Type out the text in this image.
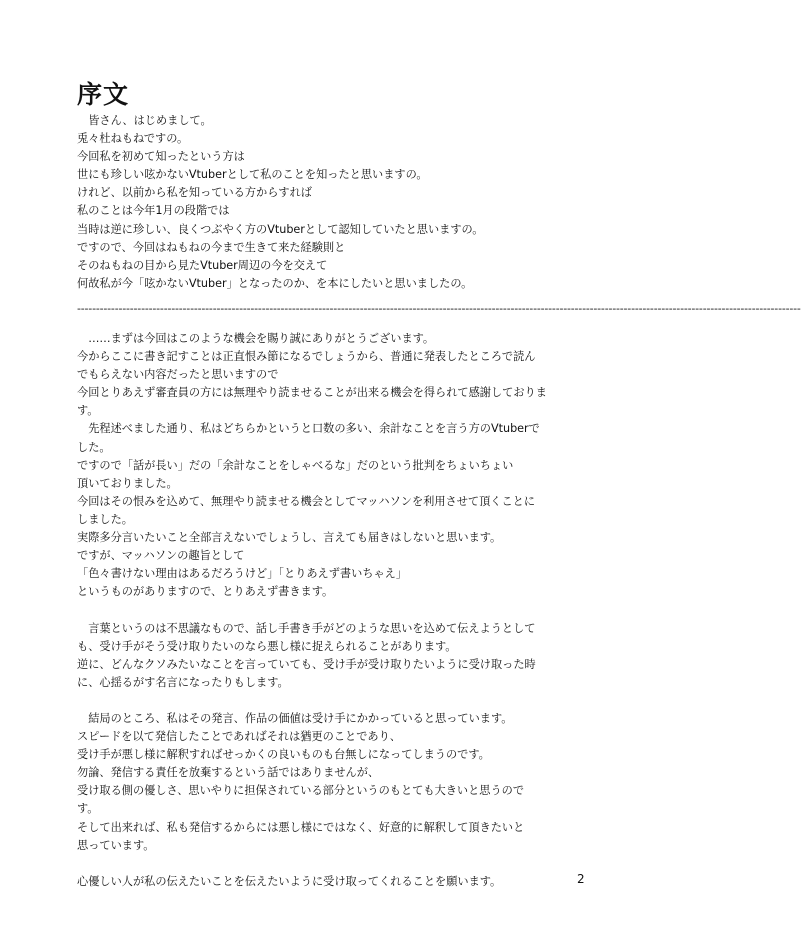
序文
　皆さん、はじめまして。
兎々杜ねもねですの。
今回私を初めて知ったという方は
世にも珍しい呟かないVtuberとして私のことを知ったと思いますの。
けれど、以前から私を知っている方からすれば
私のことは今年1月の段階では
当時は逆に珍しい、良くつぶやく方のVtuberとして認知していたと思いますの。
ですので、今回はねもねの今まで生きて来た経験則と
そのねもねの目から見たVtuber周辺の今を交えて
何故私が今「呟かないVtuber」となったのか、を本にしたいと思いましたの。
------------------------------------------------------------------------------------------------------------------------------------------------------------------------------------------------
　……まずは今回はこのような機会を賜り誠にありがとうございます。
今からここに書き記すことは正直恨み節になるでしょうから、普通に発表したところで読ん
でもらえない内容だったと思いますので
今回とりあえず審査員の方には無理やり読ませることが出来る機会を得られて感謝しておりま
す。
　先程述べました通り、私はどちらかというと口数の多い、余計なことを言う方のVtuberで
した。
ですので「話が長い」だの「余計なことをしゃべるな」だのという批判をちょいちょい
頂いておりました。
今回はその恨みを込めて、無理やり読ませる機会としてマッハソンを利用させて頂くことに
しました。
実際多分言いたいこと全部言えないでしょうし、言えても届きはしないと思います。
ですが、マッハソンの趣旨として
「色々書けない理由はあるだろうけど」「とりあえず書いちゃえ」
というものがありますので、とりあえず書きます。
　言葉というのは不思議なもので、話し手書き手がどのような思いを込めて伝えようとして
も、受け手がそう受け取りたいのなら悪し様に捉えられることがあります。
逆に、どんなクソみたいなことを言っていても、受け手が受け取りたいように受け取った時
に、心揺るがす名言になったりもします。
　結局のところ、私はその発言、作品の価値は受け手にかかっていると思っています。
スピードを以て発信したことであればそれは猶更のことであり、
受け手が悪し様に解釈すればせっかくの良いものも台無しになってしまうのです。
勿論、発信する責任を放棄するという話ではありませんが、
受け取る側の優しさ、思いやりに担保されている部分というのもとても大きいと思うので
す。
そして出来れば、私も発信するからには悪し様にではなく、好意的に解釈して頂きたいと
思っています。
心優しい人が私の伝えたいことを伝えたいように受け取ってくれることを願います。	2
